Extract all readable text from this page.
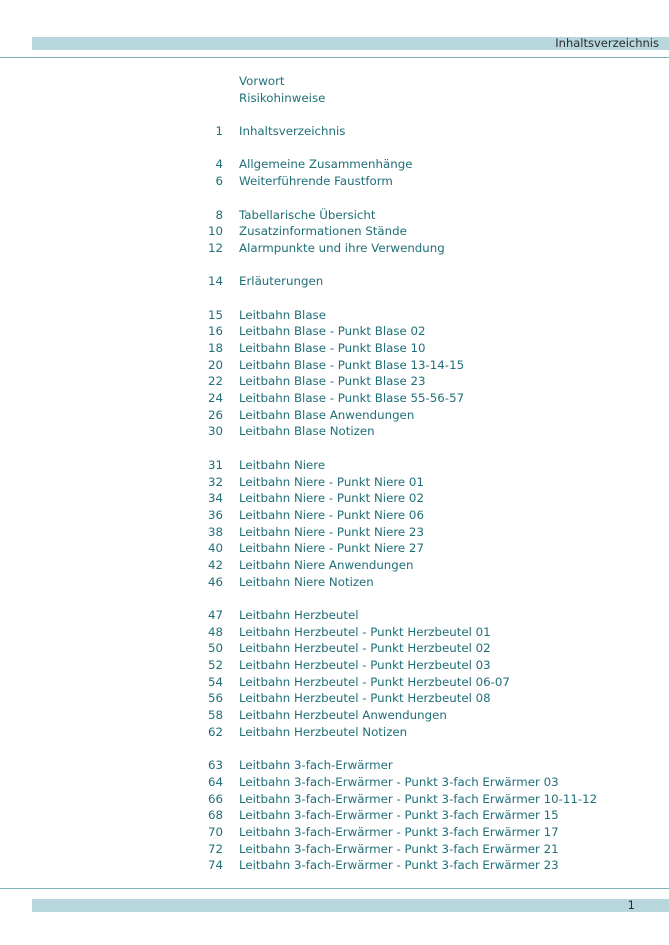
Inhaltsverzeichnis
Vorwort
Risikohinweise
1 Inhaltsverzeichnis
4 Allgemeine Zusammenhänge
6 Weiterführende Faustform
8 Tabellarische Übersicht
10 Zusatzinformationen Stände
12 Alarmpunkte und ihre Verwendung
14 Erläuterungen
15 Leitbahn Blase
16 Leitbahn Blase - Punkt Blase 02
18 Leitbahn Blase - Punkt Blase 10
20 Leitbahn Blase - Punkt Blase 13-14-15
22 Leitbahn Blase - Punkt Blase 23
24 Leitbahn Blase - Punkt Blase 55-56-57
26 Leitbahn Blase Anwendungen
30 Leitbahn Blase Notizen
31 Leitbahn Niere
32 Leitbahn Niere - Punkt Niere 01
34 Leitbahn Niere - Punkt Niere 02
36 Leitbahn Niere - Punkt Niere 06
38 Leitbahn Niere - Punkt Niere 23
40 Leitbahn Niere - Punkt Niere 27
42 Leitbahn Niere Anwendungen
46 Leitbahn Niere Notizen
47 Leitbahn Herzbeutel
48 Leitbahn Herzbeutel - Punkt Herzbeutel 01
50 Leitbahn Herzbeutel - Punkt Herzbeutel 02
52 Leitbahn Herzbeutel - Punkt Herzbeutel 03
54 Leitbahn Herzbeutel - Punkt Herzbeutel 06-07
56 Leitbahn Herzbeutel - Punkt Herzbeutel 08
58 Leitbahn Herzbeutel Anwendungen
62 Leitbahn Herzbeutel Notizen
63 Leitbahn 3-fach-Erwärmer
64 Leitbahn 3-fach-Erwärmer - Punkt 3-fach Erwärmer 03
66 Leitbahn 3-fach-Erwärmer - Punkt 3-fach Erwärmer 10-11-12
68 Leitbahn 3-fach-Erwärmer - Punkt 3-fach Erwärmer 15
70 Leitbahn 3-fach-Erwärmer - Punkt 3-fach Erwärmer 17
72 Leitbahn 3-fach-Erwärmer - Punkt 3-fach Erwärmer 21
74 Leitbahn 3-fach-Erwärmer - Punkt 3-fach Erwärmer 23
1
